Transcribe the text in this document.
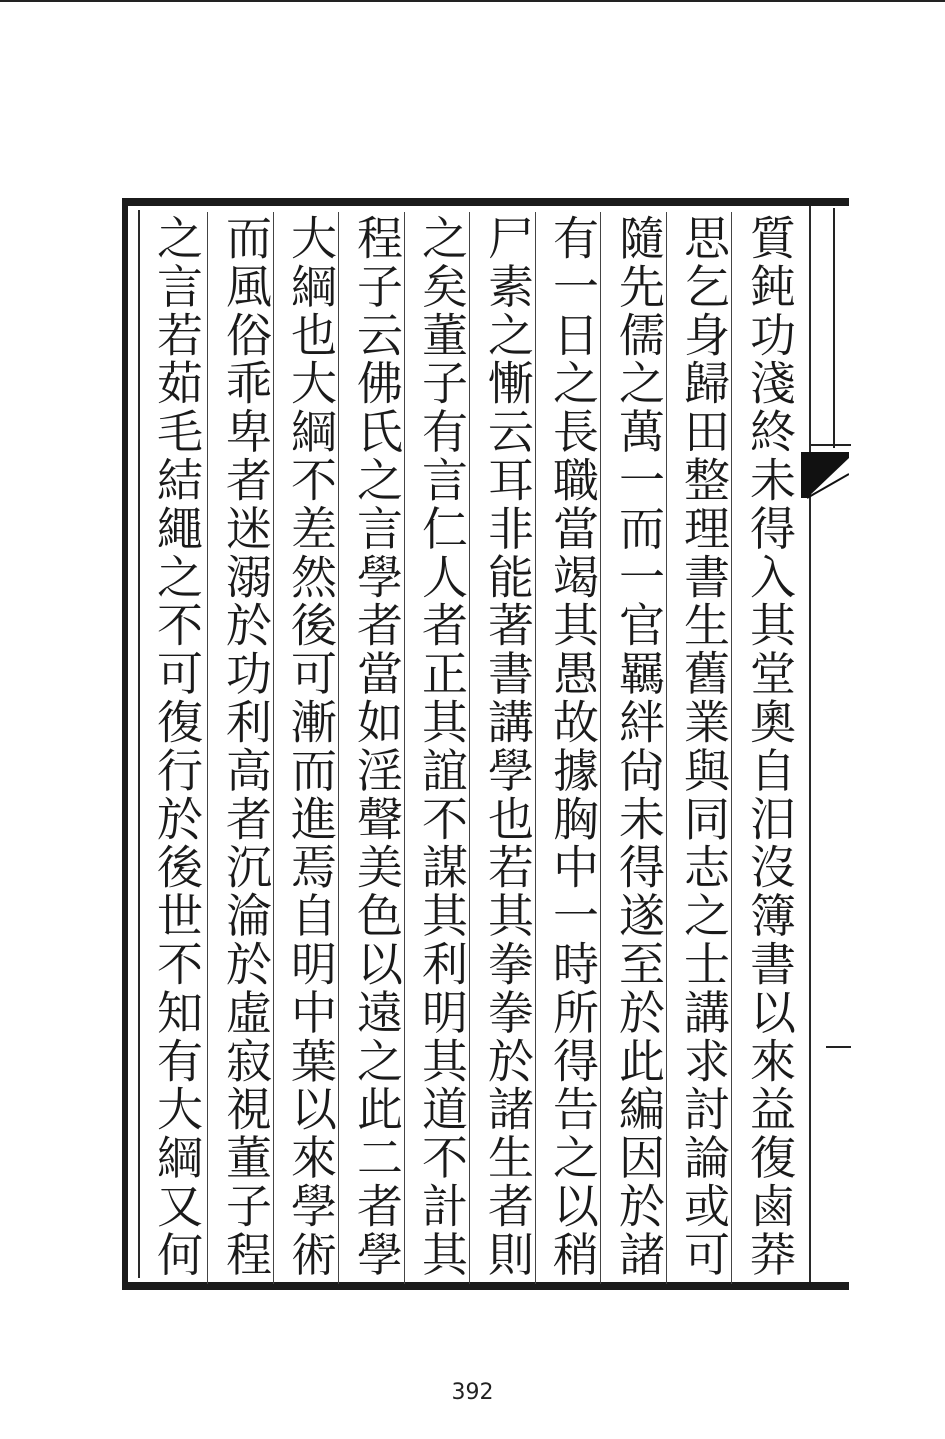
質鈍功淺終未得入其堂奧自汨沒簿書以來益復鹵莽
思乞身歸田整理書生舊業與同志之士講求討論或可
隨先儒之萬一而一官羈絆尙未得遂至於此編因於諸
有一日之長職當竭其愚故據胸中一時所得告之以稍
尸素之慚云耳非能著書講學也若其拳拳於諸生者則
之矣董子有言仁人者正其誼不謀其利明其道不計其
程子云佛氏之言學者當如淫聲美色以遠之此二者學
大綱也大綱不差然後可漸而進焉自明中葉以來學術
而風俗乖卑者迷溺於功利高者沉淪於虛寂視董子程
之言若茹毛結繩之不可復行於後世不知有大綱又何
392
